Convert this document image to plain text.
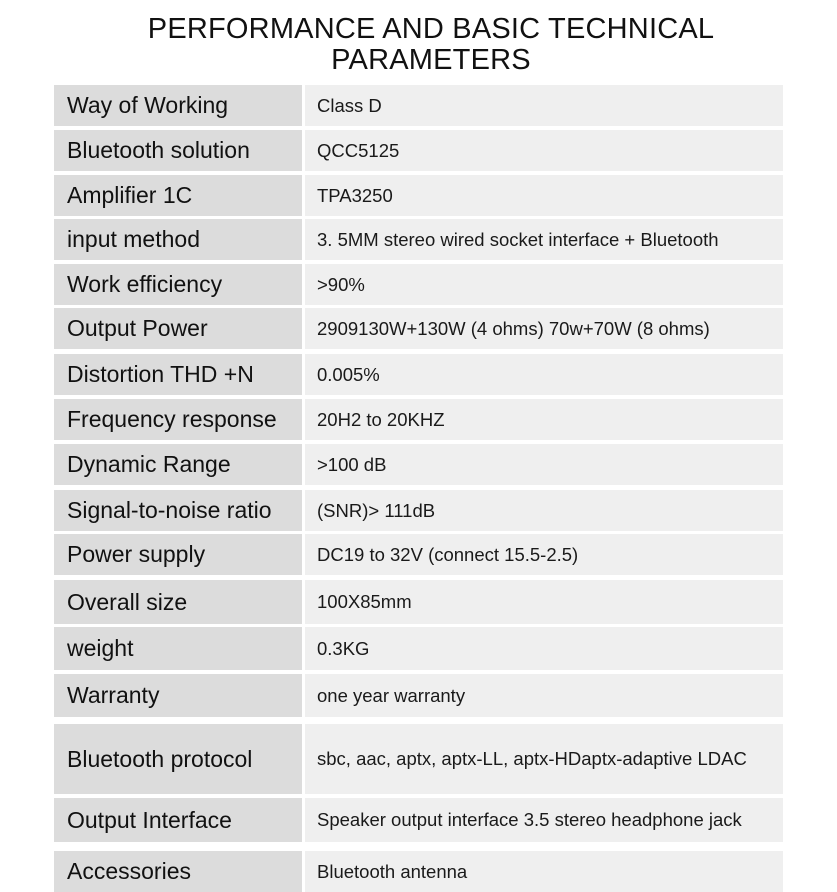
PERFORMANCE AND BASIC TECHNICAL
PARAMETERS
Way of Working	Class D
Bluetooth solution	QCC5125
Amplifier 1C	TPA3250
input method	3. 5MM stereo wired socket interface + Bluetooth
Work efficiency	>90%
Output Power	2909130W+130W (4 ohms) 70w+70W (8 ohms)
Distortion THD +N	0.005%
Frequency response	20H2 to 20KHZ
Dynamic Range	>100 dB
Signal-to-noise ratio	(SNR)> 111dB
Power supply	DC19 to 32V (connect 15.5-2.5)
Overall size	100X85mm
weight	0.3KG
Warranty	one year warranty
Bluetooth protocol	sbc, aac, aptx, aptx-LL, aptx-HDaptx-adaptive LDAC
Output Interface	Speaker output interface 3.5 stereo headphone jack
Accessories	Bluetooth antenna
